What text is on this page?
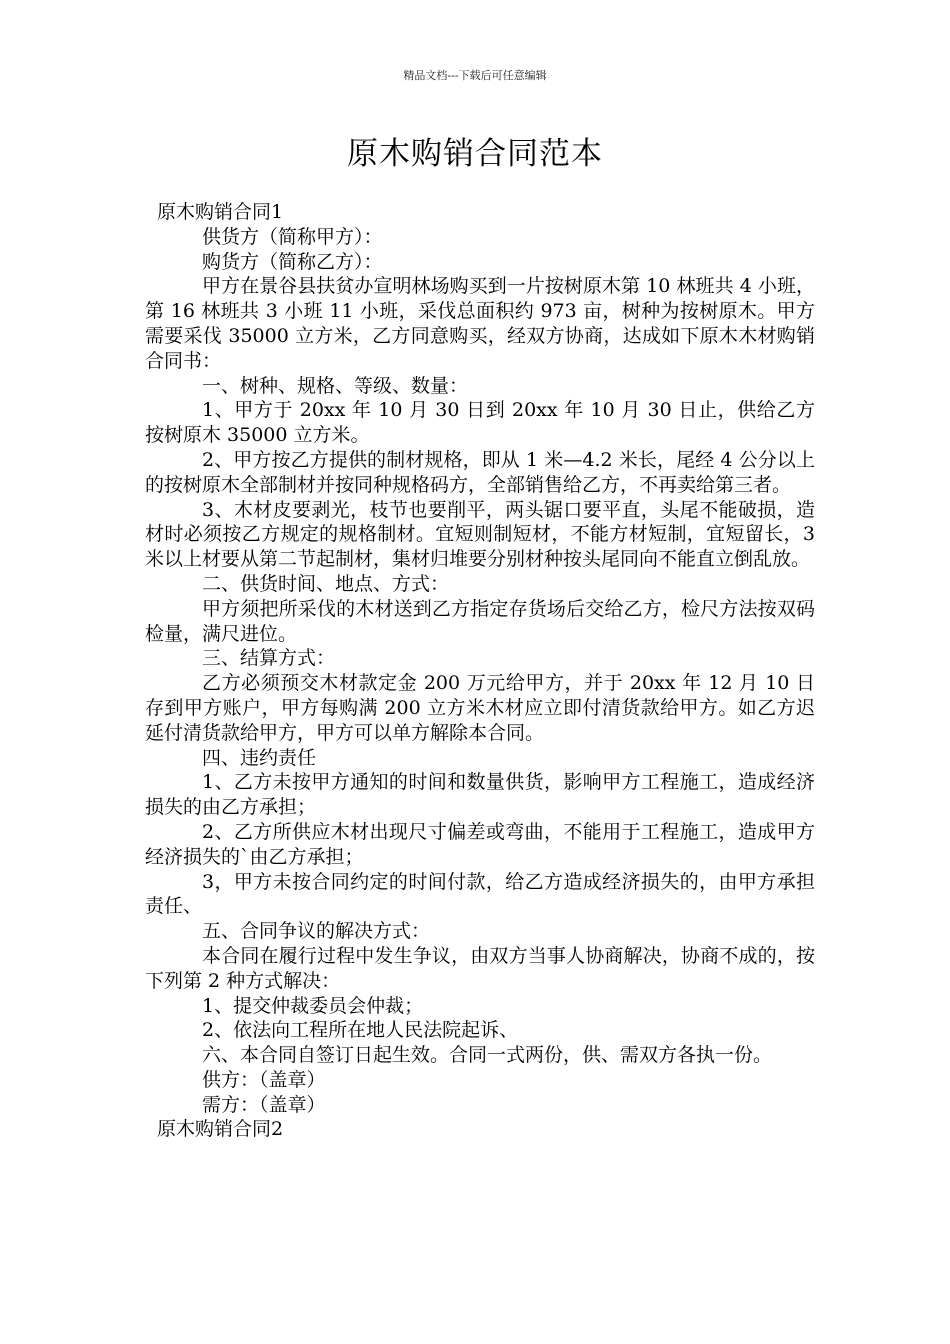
精品文档---下载后可任意编辑
原木购销合同范本

原木购销合同1

供货方（简称甲方）：

购货方（简称乙方）：

甲方在景谷县扶贫办宣明林场购买到一片按树原木第 10 林班共 4 小班，第 16 林班共 3 小班 11 小班，采伐总面积约 973 亩，树种为按树原木。甲方需要采伐 35000 立方米，乙方同意购买，经双方协商，达成如下原木木材购销合同书：

一、树种、规格、等级、数量：

1、甲方于 20xx 年 10 月 30 日到 20xx 年 10 月 30 日止，供给乙方按树原木 35000 立方米。

2、甲方按乙方提供的制材规格，即从 1 米—4.2 米长，尾经 4 公分以上的按树原木全部制材并按同种规格码方，全部销售给乙方，不再卖给第三者。

3、木材皮要剥光，枝节也要削平，两头锯口要平直，头尾不能破损，造材时必须按乙方规定的规格制材。宜短则制短材，不能方材短制，宜短留长，3 米以上材要从第二节起制材，集材归堆要分别材种按头尾同向不能直立倒乱放。

二、供货时间、地点、方式：

甲方须把所采伐的木材送到乙方指定存货场后交给乙方，检尺方法按双码检量，满尺进位。

三、结算方式：

乙方必须预交木材款定金 200 万元给甲方，并于 20xx 年 12 月 10 日存到甲方账户，甲方每购满 200 立方米木材应立即付清货款给甲方。如乙方迟延付清货款给甲方，甲方可以单方解除本合同。

四、违约责任

1、乙方未按甲方通知的时间和数量供货，影响甲方工程施工，造成经济损失的由乙方承担；

2、乙方所供应木材出现尺寸偏差或弯曲，不能用于工程施工，造成甲方经济损失的`由乙方承担；

3，甲方未按合同约定的时间付款，给乙方造成经济损失的，由甲方承担责任、

五、合同争议的解决方式：

本合同在履行过程中发生争议，由双方当事人协商解决，协商不成的，按下列第 2 种方式解决：

1、提交仲裁委员会仲裁；

2、依法向工程所在地人民法院起诉、

六、本合同自签订日起生效。合同一式两份，供、需双方各执一份。

供方：（盖章）

需方：（盖章）

原木购销合同2
